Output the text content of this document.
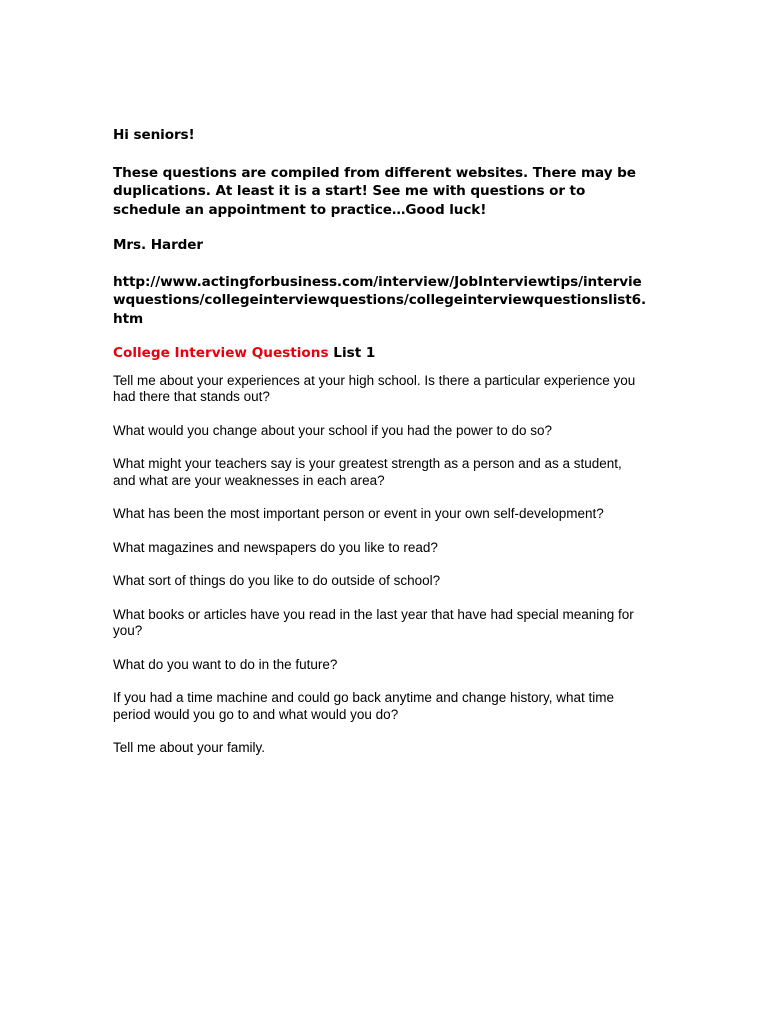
Hi seniors!

These questions are compiled from different websites. There may be duplications. At least it is a start! See me with questions or to schedule an appointment to practice…Good luck!

Mrs. Harder

http://www.actingforbusiness.com/interview/JobInterviewtips/interviewquestions/collegeinterviewquestions/collegeinterviewquestionslist6.htm

College Interview Questions List 1

Tell me about your experiences at your high school. Is there a particular experience you had there that stands out?

What would you change about your school if you had the power to do so?

What might your teachers say is your greatest strength as a person and as a student, and what are your weaknesses in each area?

What has been the most important person or event in your own self-development?

What magazines and newspapers do you like to read?

What sort of things do you like to do outside of school?

What books or articles have you read in the last year that have had special meaning for you?

What do you want to do in the future?

If you had a time machine and could go back anytime and change history, what time period would you go to and what would you do?

Tell me about your family.
